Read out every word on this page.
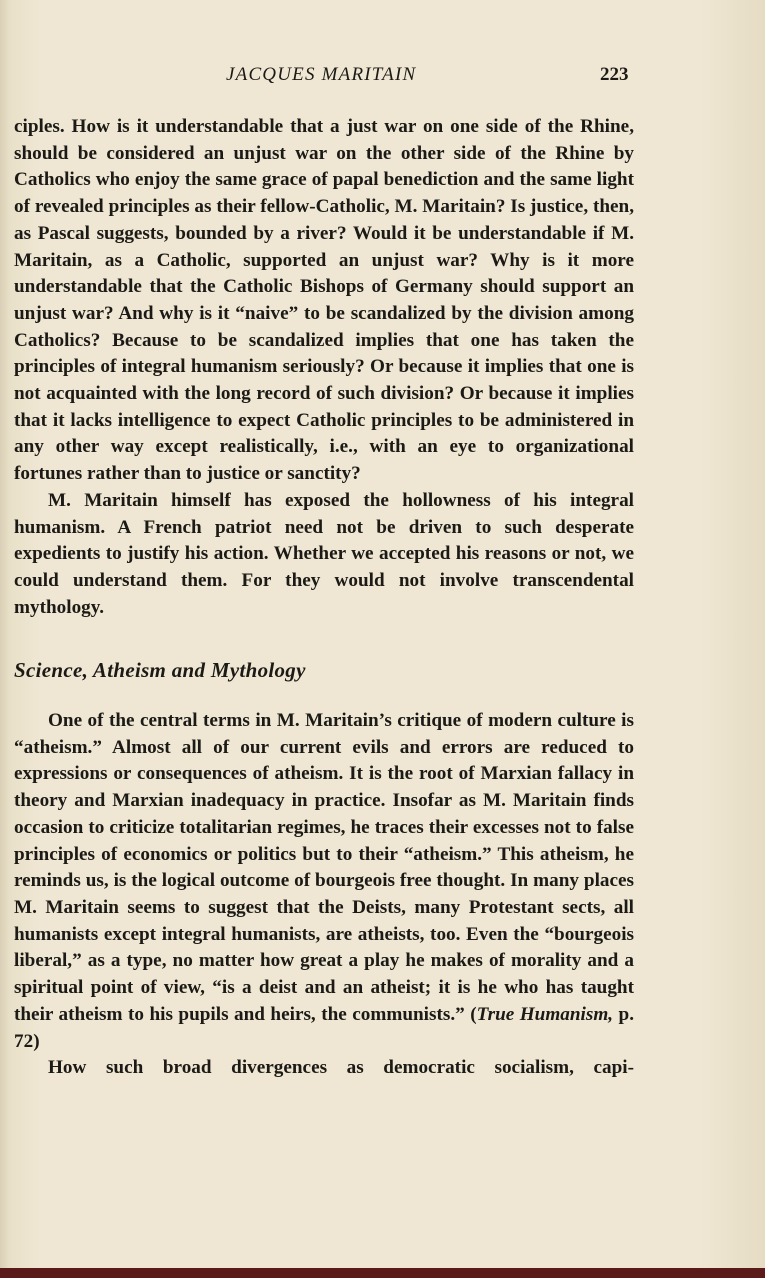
JACQUES MARITAIN	223

ciples. How is it understandable that a just war on one side of the Rhine, should be considered an unjust war on the other side of the Rhine by Catholics who enjoy the same grace of papal benediction and the same light of revealed principles as their fellow-Catholic, M. Maritain? Is justice, then, as Pascal suggests, bounded by a river? Would it be understandable if M. Maritain, as a Catholic, supported an unjust war? Why is it more understandable that the Catholic Bishops of Germany should support an unjust war? And why is it “naive” to be scandalized by the division among Catholics? Because to be scandalized implies that one has taken the principles of integral humanism seriously? Or because it implies that one is not acquainted with the long record of such division? Or because it implies that it lacks intelligence to expect Catholic principles to be administered in any other way except realistically, i.e., with an eye to organizational fortunes rather than to justice or sanctity?

M. Maritain himself has exposed the hollowness of his integral humanism. A French patriot need not be driven to such desperate expedients to justify his action. Whether we accepted his reasons or not, we could understand them. For they would not involve transcendental mythology.

Science, Atheism and Mythology

One of the central terms in M. Maritain’s critique of modern culture is “atheism.” Almost all of our current evils and errors are reduced to expressions or consequences of atheism. It is the root of Marxian fallacy in theory and Marxian inadequacy in practice. Insofar as M. Maritain finds occasion to criticize totalitarian regimes, he traces their excesses not to false principles of economics or politics but to their “atheism.” This atheism, he reminds us, is the logical outcome of bourgeois free thought. In many places M. Maritain seems to suggest that the Deists, many Protestant sects, all humanists except integral humanists, are atheists, too. Even the “bourgeois liberal,” as a type, no matter how great a play he makes of morality and a spiritual point of view, “is a deist and an atheist; it is he who has taught their atheism to his pupils and heirs, the communists.” (True Humanism, p. 72)

How such broad divergences as democratic socialism, capi-
